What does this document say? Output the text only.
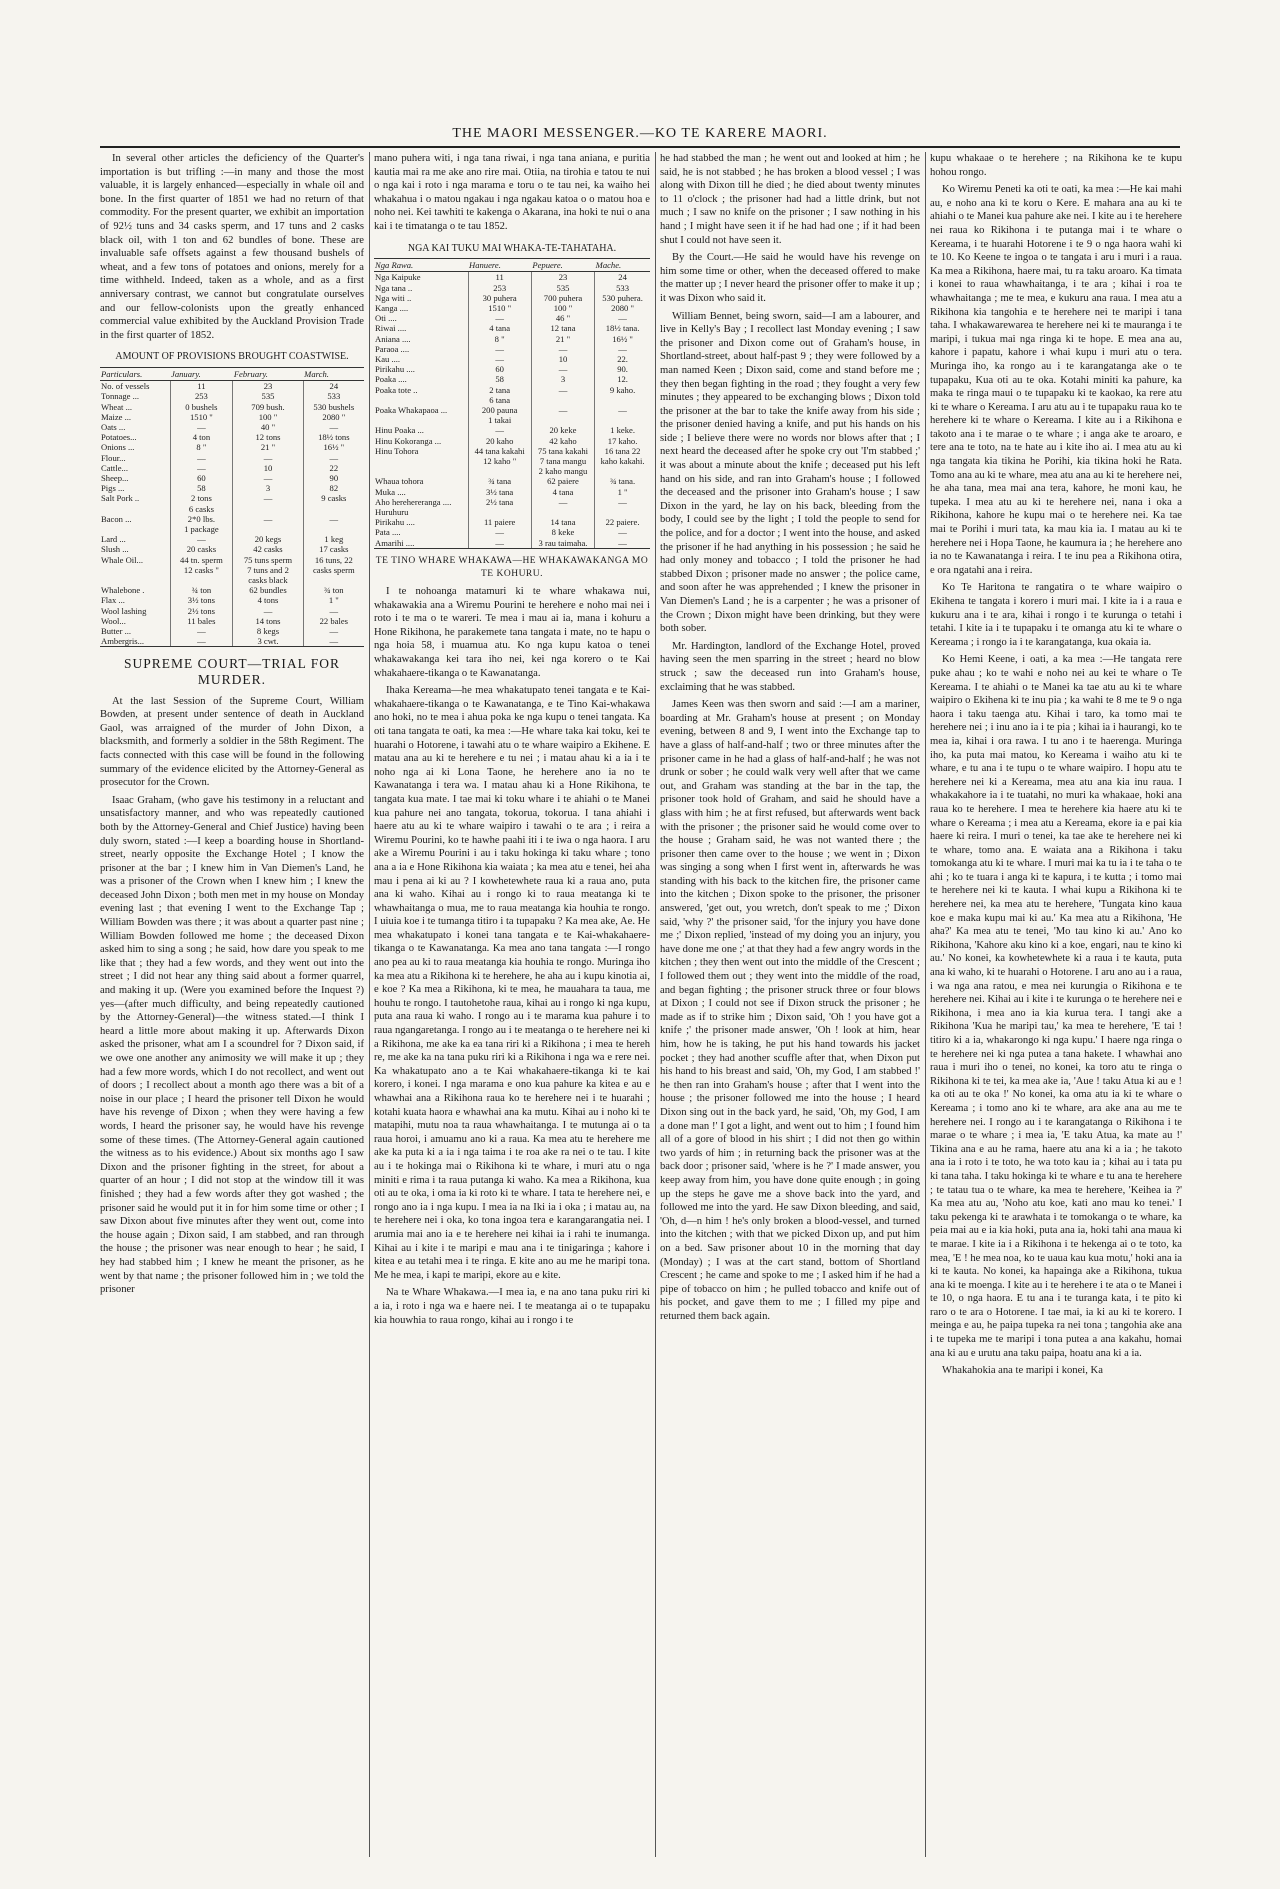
THE MAORI MESSENGER.—KO TE KARERE MAORI.

In several other articles the deficiency of the Quarter's importation is but trifling :—in many and those the most valuable, it is largely enhanced—especially in whale oil and bone. In the first quarter of 1851 we had no return of that commodity. For the present quarter, we exhibit an importation of 92½ tuns and 34 casks sperm, and 17 tuns and 2 casks black oil, with 1 ton and 62 bundles of bone. These are invaluable safe offsets against a few thousand bushels of wheat, and a few tons of potatoes and onions, merely for a time withheld. Indeed, taken as a whole, and as a first anniversary contrast, we cannot but congratulate ourselves and our fellow-colonists upon the greatly enhanced commercial value exhibited by the Auckland Provision Trade in the first quarter of 1852.

AMOUNT OF PROVISIONS BROUGHT COASTWISE.
Particulars.	January.	February.	March.
No. of vessels	11	23	24
Tonnage ...	253	535	533
Wheat ...	0 bushels	709 bush.	530 bushels
Maize ...	1510 "	100 "	2080 "
Oats ...	—	40 "	—
Potatoes...	4 ton	12 tons	18½ tons
Onions ...	8 "	21 "	16½ "
Flour...	—	—	—
Cattle...	—	10	22
Sheep...	60	—	90
Pigs ...	58	3	82
Salt Pork ..	2 tons	—	9 casks
	6 casks		
Bacon ...	2*0 lbs.	—	—
	1 package		
Lard ...	—	20 kegs	1 keg
Slush ...	20 casks	42 casks	17 casks
Whale Oil...	44 tn. sperm	75 tuns sperm	16 tuns, 22
	12 casks "	7 tuns and 2	casks sperm
		casks black	
Whalebone .	¾ ton	62 bundles	¾ ton
Flax ...	3½ tons	4 tons	1 "
Wool lashing	2½ tons	—	—
Wool...	11 bales	14 tons	22 bales
Butter ...	—	8 kegs	—
Ambergris...	—	3 cwt.	—
SUPREME COURT—TRIAL FOR
MURDER.

At the last Session of the Supreme Court, William Bowden, at present under sentence of death in Auckland Gaol, was arraigned of the murder of John Dixon, a blacksmith, and formerly a soldier in the 58th Regiment. The facts connected with this case will be found in the following summary of the evidence elicited by the Attorney-General as prosecutor for the Crown.

Isaac Graham, (who gave his testimony in a reluctant and unsatisfactory manner, and who was repeatedly cautioned both by the Attorney-General and Chief Justice) having been duly sworn, stated :—I keep a boarding house in Shortland-street, nearly opposite the Exchange Hotel ; I know the prisoner at the bar ; I knew him in Van Diemen's Land, he was a prisoner of the Crown when I knew him ; I knew the deceased John Dixon ; both men met in my house on Monday evening last ; that evening I went to the Exchange Tap ; William Bowden was there ; it was about a quarter past nine ; William Bowden followed me home ; the deceased Dixon asked him to sing a song ; he said, how dare you speak to me like that ; they had a few words, and they went out into the street ; I did not hear any thing said about a former quarrel, and making it up. (Were you examined before the Inquest ?) yes—(after much difficulty, and being repeatedly cautioned by the Attorney-General)—the witness stated.—I think I heard a little more about making it up. Afterwards Dixon asked the prisoner, what am I a scoundrel for ? Dixon said, if we owe one another any animosity we will make it up ; they had a few more words, which I do not recollect, and went out of doors ; I recollect about a month ago there was a bit of a noise in our place ; I heard the prisoner tell Dixon he would have his revenge of Dixon ; when they were having a few words, I heard the prisoner say, he would have his revenge some of these times. (The Attorney-General again cautioned the witness as to his evidence.) About six months ago I saw Dixon and the prisoner fighting in the street, for about a quarter of an hour ; I did not stop at the window till it was finished ; they had a few words after they got washed ; the prisoner said he would put it in for him some time or other ; I saw Dixon about five minutes after they went out, come into the house again ; Dixon said, I am stabbed, and ran through the house ; the prisoner was near enough to hear ; he said, I hey had stabbed him ; I knew he meant the prisoner, as he went by that name ; the prisoner followed him in ; we told the prisoner

mano puhera witi, i nga tana riwai, i nga tana aniana, e puritia kautia mai ra me ake ano rire mai. Otiia, na tirohia e tatou te nui o nga kai i roto i nga marama e toru o te tau nei, ka waiho hei whakahua i o matou ngakau i nga ngakau katoa o o matou hoa e noho nei. Kei tawhiti te kakenga o Akarana, ina hoki te nui o ana kai i te timatanga o te tau 1852.

NGA KAI TUKU MAI WHAKA-TE-TAHATAHA.
Nga Rawa.	Hanuere.	Pepuere.	Mache.
Nga Kaipuke	11	23	24
Nga tana ..	253	535	533
Nga witi ..	30 puhera	700 puhera	530 puhera.
Kanga ....	1510 "	100 "	2080 "
Oti ....	—	46 "	—
Riwai ....	4 tana	12 tana	18½ tana.
Aniana ....	8 "	21 "	16½ "
Paraoa ....	—	—	—
Kau ....	—	10	22.
Pirikahu ....	60	—	90.
Poaka ....	58	3	12.
Poaka tote ..	2 tana	—	9 kaho.
	6 tana		
Poaka Whakapaoa ...	200 pauna	—	—
	1 takai		
Hinu Poaka ...	—	20 keke	1 keke.
Hinu Kokoranga ...	20 kaho	42 kaho	17 kaho.
Hinu Tohora	44 tana kakahi	75 tana kakahi	16 tana 22
	12 kaho "	7 tana mangu	kaho kakahi.
		2 kaho mangu	
Whaua tohora	¾ tana	62 paiere	¾ tana.
Muka ....	3½ tana	4 tana	1 "
Aho herehereranga ....	2½ tana	—	—
Huruhuru			
Pirikahu ....	11 paiere	14 tana	22 paiere.
Pata ....	—	8 keke	—
Amarihi ....	—	3 rau taimaha.	—
TE TINO WHARE WHAKAWA—HE WHAKAWAKANGA MO TE KOHURU.

I te nohoanga matamuri ki te whare whakawa nui, whakawakia ana a Wiremu Pourini te herehere e noho mai nei i roto i te ma o te wareri. Te mea i mau ai ia, mana i kohuru a Hone Rikihona, he parakemete tana tangata i mate, no te hapu o nga hoia 58, i muamua atu. Ko nga kupu katoa o tenei whakawakanga kei tara iho nei, kei nga korero o te Kai whakahaere-tikanga o te Kawanatanga.

Ihaka Kereama—he mea whakatupato tenei tangata e te Kai-whakahaere-tikanga o te Kawanatanga, e te Tino Kai-whakawa ano hoki, no te mea i ahua poka ke nga kupu o tenei tangata. Ka oti tana tangata te oati, ka mea :—He whare taka kai toku, kei te huarahi o Hotorene, i tawahi atu o te whare waipiro a Ekihene. E matau ana au ki te herehere e tu nei ; i matau ahau ki a ia i te noho nga ai ki Lona Taone, he herehere ano ia no te Kawanatanga i tera wa. I matau ahau ki a Hone Rikihona, te tangata kua mate. I tae mai ki toku whare i te ahiahi o te Manei kua pahure nei ano tangata, tokorua, tokorua. I tana ahiahi i haere atu au ki te whare waipiro i tawahi o te ara ; i reira a Wiremu Pourini, ko te hawhe paahi iti i te iwa o nga haora. I aru ake a Wiremu Pourini i au i taku hokinga ki taku whare ; tono ana a ia e Hone Rikihona kia waiata ; ka mea atu e tenei, hei aha mau i pena ai ki au ? I kowhetewhete raua ki a raua ano, puta ana ki waho. Kihai au i rongo ki to raua meatanga ki te whawhaitanga o mua, me to raua meatanga kia houhia te rongo. I uiuia koe i te tumanga titiro i ta tupapaku ? Ka mea ake, Ae. He mea whakatupato i konei tana tangata e te Kai-whakahaere-tikanga o te Kawanatanga. Ka mea ano tana tangata :—I rongo ano pea au ki to raua meatanga kia houhia te rongo. Muringa iho ka mea atu a Rikihona ki te herehere, he aha au i kupu kinotia ai, e koe ? Ka mea a Rikihona, ki te mea, he mauahara ta taua, me houhu te rongo. I tautohetohe raua, kihai au i rongo ki nga kupu, puta ana raua ki waho. I rongo au i te marama kua pahure i to raua ngangaretanga. I rongo au i te meatanga o te herehere nei ki a Rikihona, me ake ka ea tana riri ki a Rikihona ; i mea te hereh re, me ake ka na tana puku riri ki a Rikihona i nga wa e rere nei. Ka whakatupato ano a te Kai whakahaere-tikanga ki te kai korero, i konei. I nga marama e ono kua pahure ka kitea e au e whawhai ana a Rikihona raua ko te herehere nei i te huarahi ; kotahi kuata haora e whawhai ana ka mutu. Kihai au i noho ki te matapihi, mutu noa ta raua whawhaitanga. I te mutunga ai o ta raua horoi, i amuamu ano ki a raua. Ka mea atu te herehere me ake ka puta ki a ia i nga taima i te roa ake ra nei o te tau. I kite au i te hokinga mai o Rikihona ki te whare, i muri atu o nga miniti e rima i ta raua putanga ki waho. Ka mea a Rikihona, kua oti au te oka, i oma ia ki roto ki te whare. I tata te herehere nei, e rongo ano ia i nga kupu. I mea ia na Iki ia i oka ; i matau au, na te herehere nei i oka, ko tona ingoa tera e karangarangatia nei. I arumia mai ano ia e te herehere nei kihai ia i rahi te inumanga. Kihai au i kite i te maripi e mau ana i te tinigaringa ; kahore i kitea e au tetahi mea i te ringa. E kite ano au me he maripi tona. Me he mea, i kapi te maripi, ekore au e kite.

Na te Whare Whakawa.—I mea ia, e na ano tana puku riri ki a ia, i roto i nga wa e haere nei. I te meatanga ai o te tupapaku kia houwhia to raua rongo, kihai au i rongo i te

he had stabbed the man ; he went out and looked at him ; he said, he is not stabbed ; he has broken a blood vessel ; I was along with Dixon till he died ; he died about twenty minutes to 11 o'clock ; the prisoner had had a little drink, but not much ; I saw no knife on the prisoner ; I saw nothing in his hand ; I might have seen it if he had had one ; if it had been shut I could not have seen it.

By the Court.—He said he would have his revenge on him some time or other, when the deceased offered to make the matter up ; I never heard the prisoner offer to make it up ; it was Dixon who said it.

William Bennet, being sworn, said—I am a labourer, and live in Kelly's Bay ; I recollect last Monday evening ; I saw the prisoner and Dixon come out of Graham's house, in Shortland-street, about half-past 9 ; they were followed by a man named Keen ; Dixon said, come and stand before me ; they then began fighting in the road ; they fought a very few minutes ; they appeared to be exchanging blows ; Dixon told the prisoner at the bar to take the knife away from his side ; the prisoner denied having a knife, and put his hands on his side ; I believe there were no words nor blows after that ; I next heard the deceased after he spoke cry out 'I'm stabbed ;' it was about a minute about the knife ; deceased put his left hand on his side, and ran into Graham's house ; I followed the deceased and the prisoner into Graham's house ; I saw Dixon in the yard, he lay on his back, bleeding from the body, I could see by the light ; I told the people to send for the police, and for a doctor ; I went into the house, and asked the prisoner if he had anything in his possession ; he said he had only money and tobacco ; I told the prisoner he had stabbed Dixon ; prisoner made no answer ; the police came, and soon after he was apprehended ; I knew the prisoner in Van Diemen's Land ; he is a carpenter ; he was a prisoner of the Crown ; Dixon might have been drinking, but they were both sober.

Mr. Hardington, landlord of the Exchange Hotel, proved having seen the men sparring in the street ; heard no blow struck ; saw the deceased run into Graham's house, exclaiming that he was stabbed.

James Keen was then sworn and said :—I am a mariner, boarding at Mr. Graham's house at present ; on Monday evening, between 8 and 9, I went into the Exchange tap to have a glass of half-and-half ; two or three minutes after the prisoner came in he had a glass of half-and-half ; he was not drunk or sober ; he could walk very well after that we came out, and Graham was standing at the bar in the tap, the prisoner took hold of Graham, and said he should have a glass with him ; he at first refused, but afterwards went back with the prisoner ; the prisoner said he would come over to the house ; Graham said, he was not wanted there ; the prisoner then came over to the house ; we went in ; Dixon was singing a song when I first went in, afterwards he was standing with his back to the kitchen fire, the prisoner came into the kitchen ; Dixon spoke to the prisoner, the prisoner answered, 'get out, you wretch, don't speak to me ;' Dixon said, 'why ?' the prisoner said, 'for the injury you have done me ;' Dixon replied, 'instead of my doing you an injury, you have done me one ;' at that they had a few angry words in the kitchen ; they then went out into the middle of the Crescent ; I followed them out ; they went into the middle of the road, and began fighting ; the prisoner struck three or four blows at Dixon ; I could not see if Dixon struck the prisoner ; he made as if to strike him ; Dixon said, 'Oh ! you have got a knife ;' the prisoner made answer, 'Oh ! look at him, hear him, how he is taking, he put his hand towards his jacket pocket ; they had another scuffle after that, when Dixon put his hand to his breast and said, 'Oh, my God, I am stabbed !' he then ran into Graham's house ; after that I went into the house ; the prisoner followed me into the house ; I heard Dixon sing out in the back yard, he said, 'Oh, my God, I am a done man !' I got a light, and went out to him ; I found him all of a gore of blood in his shirt ; I did not then go within two yards of him ; in returning back the prisoner was at the back door ; prisoner said, 'where is he ?' I made answer, you keep away from him, you have done quite enough ; in going up the steps he gave me a shove back into the yard, and followed me into the yard. He saw Dixon bleeding, and said, 'Oh, d—n him ! he's only broken a blood-vessel, and turned into the kitchen ; with that we picked Dixon up, and put him on a bed. Saw prisoner about 10 in the morning that day (Monday) ; I was at the cart stand, bottom of Shortland Crescent ; he came and spoke to me ; I asked him if he had a pipe of tobacco on him ; he pulled tobacco and knife out of his pocket, and gave them to me ; I filled my pipe and returned them back again.

kupu whakaae o te herehere ; na Rikihona ke te kupu hohou rongo.

Ko Wiremu Peneti ka oti te oati, ka mea :—He kai mahi au, e noho ana ki te koru o Kere. E mahara ana au ki te ahiahi o te Manei kua pahure ake nei. I kite au i te herehere nei raua ko Rikihona i te putanga mai i te whare o Kereama, i te huarahi Hotorene i te 9 o nga haora wahi ki te 10. Ko Keene te ingoa o te tangata i aru i muri i a raua. Ka mea a Rikihona, haere mai, tu ra taku aroaro. Ka timata i konei to raua whawhaitanga, i te ara ; kihai i roa te whawhaitanga ; me te mea, e kukuru ana raua. I mea atu a Rikihona kia tangohia e te herehere nei te maripi i tana taha. I whakawarewarea te herehere nei ki te mauranga i te maripi, i tukua mai nga ringa ki te hope. E mea ana au, kahore i papatu, kahore i whai kupu i muri atu o tera. Muringa iho, ka rongo au i te karangatanga ake o te tupapaku, Kua oti au te oka. Kotahi miniti ka pahure, ka maka te ringa maui o te tupapaku ki te kaokao, ka rere atu ki te whare o Kereama. I aru atu au i te tupapaku raua ko te herehere ki te whare o Kereama. I kite au i a Rikihona e takoto ana i te marae o te whare ; i anga ake te aroaro, e tere ana te toto, na te hate au i kite iho ai. I mea atu au ki nga tangata kia tikina he Porihi, kia tikina hoki he Rata. Tomo ana au ki te whare, mea atu ana au ki te herehere nei, he aha tana, mea mai ana tera, kahore, he moni kau, he tupeka. I mea atu au ki te herehere nei, nana i oka a Rikihona, kahore he kupu mai o te herehere nei. Ka tae mai te Porihi i muri tata, ka mau kia ia. I matau au ki te herehere nei i Hopa Taone, he kaumura ia ; he herehere ano ia no te Kawanatanga i reira. I te inu pea a Rikihona otira, e ora ngatahi ana i reira.

Ko Te Haritona te rangatira o te whare waipiro o Ekihena te tangata i korero i muri mai. I kite ia i a raua e kukuru ana i te ara, kihai i rongo i te kurunga o tetahi i tetahi. I kite ia i te tupapaku i te omanga atu ki te whare o Kereama ; i rongo ia i te karangatanga, kua okaia ia.

Ko Hemi Keene, i oati, a ka mea :—He tangata rere puke ahau ; ko te wahi e noho nei au kei te whare o Te Kereama. I te ahiahi o te Manei ka tae atu au ki te whare waipiro o Ekihena ki te inu pia ; ka wahi te 8 me te 9 o nga haora i taku taenga atu. Kihai i taro, ka tomo mai te herehere nei ; i inu ano ia i te pia ; kihai ia i haurangi, ko te mea ia, kihai i ora rawa. I tu ano i te haerenga. Muringa iho, ka puta mai matou, ko Kereama i waiho atu ki te whare, e tu ana i te tupu o te whare waipiro. I hopu atu te herehere nei ki a Kereama, mea atu ana kia inu raua. I whakakahore ia i te tuatahi, no muri ka whakaae, hoki ana raua ko te herehere. I mea te herehere kia haere atu ki te whare o Kereama ; i mea atu a Kereama, ekore ia e pai kia haere ki reira. I muri o tenei, ka tae ake te herehere nei ki te whare, tomo ana. E waiata ana a Rikihona i taku tomokanga atu ki te whare. I muri mai ka tu ia i te taha o te ahi ; ko te tuara i anga ki te kapura, i te kutta ; i tomo mai te herehere nei ki te kauta. I whai kupu a Rikihona ki te herehere nei, ka mea atu te herehere, 'Tungata kino kaua koe e maka kupu mai ki au.' Ka mea atu a Rikihona, 'He aha?' Ka mea atu te tenei, 'Mo tau kino ki au.' Ano ko Rikihona, 'Kahore aku kino ki a koe, engari, nau te kino ki au.' No konei, ka kowhetewhete ki a raua i te kauta, puta ana ki waho, ki te huarahi o Hotorene. I aru ano au i a raua, i wa nga ana ratou, e mea nei kurungia o Rikihona e te herehere nei. Kihai au i kite i te kurunga o te herehere nei e Rikihona, i mea ano ia kia kurua tera. I tangi ake a Rikihona 'Kua he maripi tau,' ka mea te herehere, 'E tai ! titiro ki a ia, whakarongo ki nga kupu.' I haere nga ringa o te herehere nei ki nga putea a tana hakete. I whawhai ano raua i muri iho o tenei, no konei, ka toro atu te ringa o Rikihona ki te tei, ka mea ake ia, 'Aue ! taku Atua ki au e ! ka oti au te oka !' No konei, ka oma atu ia ki te whare o Kereama ; i tomo ano ki te whare, ara ake ana au me te herehere nei. I rongo au i te karangatanga o Rikihona i te marae o te whare ; i mea ia, 'E taku Atua, ka mate au !' Tikina ana e au he rama, haere atu ana ki a ia ; he takoto ana ia i roto i te toto, he wa toto kau ia ; kihai au i tata pu ki tana taha. I taku hokinga ki te whare e tu ana te herehere ; te tatau tua o te whare, ka mea te herehere, 'Keihea ia ?' Ka mea atu au, 'Noho atu koe, kati ano mau ko tenei.' I taku pekenga ki te arawhata i te tomokanga o te whare, ka peia mai au e ia kia hoki, puta ana ia, hoki tahi ana maua ki te marae. I kite ia i a Rikihona i te hekenga ai o te toto, ka mea, 'E ! he mea noa, ko te uaua kau kua motu,' hoki ana ia ki te kauta. No konei, ka hapainga ake a Rikihona, tukua ana ki te moenga. I kite au i te herehere i te ata o te Manei i te 10, o nga haora. E tu ana i te turanga kata, i te pito ki raro o te ara o Hotorene. I tae mai, ia ki au ki te korero. I meinga e au, he paipa tupeka ra nei tona ; tangohia ake ana i te tupeka me te maripi i tona putea a ana kakahu, homai ana ki au e urutu ana taku paipa, hoatu ana ki a ia.

Whakahokia ana te maripi i konei, Ka
